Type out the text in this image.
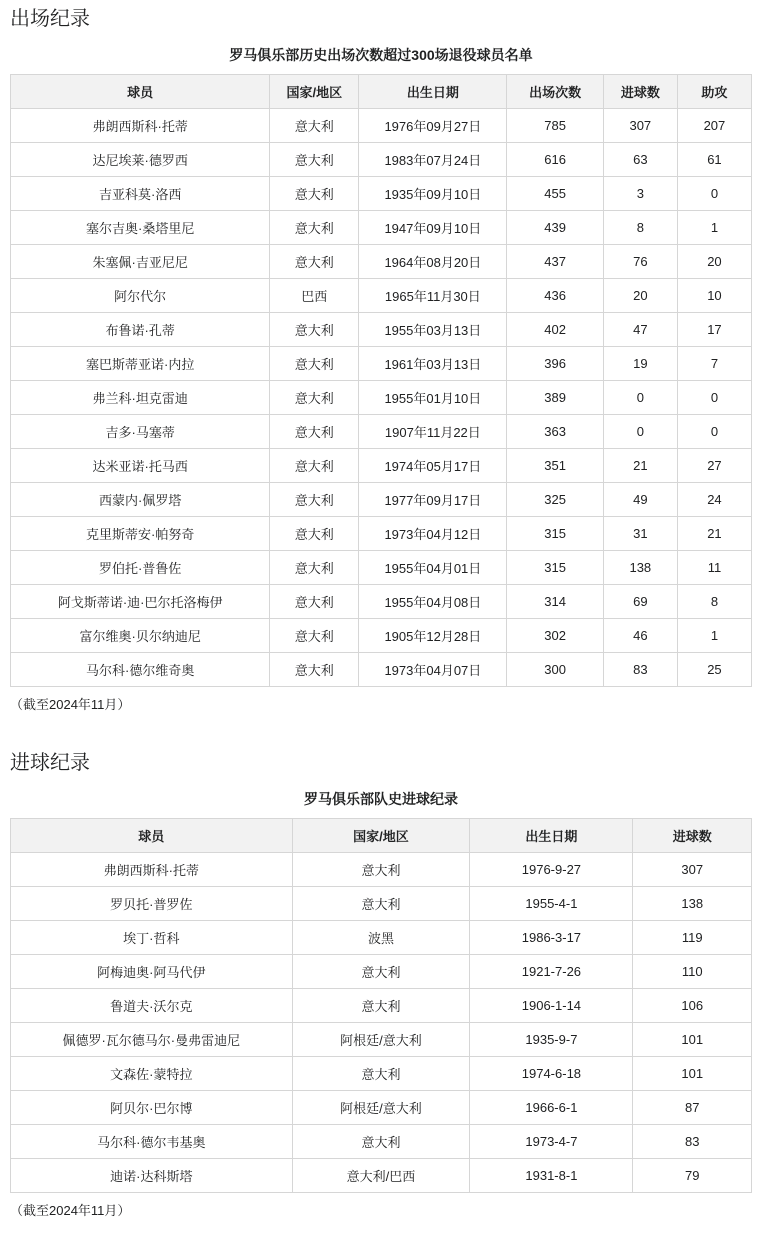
出场纪录
罗马俱乐部历史出场次数超过300场退役球员名单
球员	国家/地区	出生日期	出场次数	进球数	助攻
弗朗西斯科·托蒂	意大利	1976年09月27日	785	307	207
达尼埃莱·德罗西	意大利	1983年07月24日	616	63	61
吉亚科莫·洛西	意大利	1935年09月10日	455	3	0
塞尔吉奥·桑塔里尼	意大利	1947年09月10日	439	8	1
朱塞佩·吉亚尼尼	意大利	1964年08月20日	437	76	20
阿尔代尔	巴西	1965年11月30日	436	20	10
布鲁诺·孔蒂	意大利	1955年03月13日	402	47	17
塞巴斯蒂亚诺·内拉	意大利	1961年03月13日	396	19	7
弗兰科·坦克雷迪	意大利	1955年01月10日	389	0	0
吉多·马塞蒂	意大利	1907年11月22日	363	0	0
达米亚诺·托马西	意大利	1974年05月17日	351	21	27
西蒙内·佩罗塔	意大利	1977年09月17日	325	49	24
克里斯蒂安·帕努奇	意大利	1973年04月12日	315	31	21
罗伯托·普鲁佐	意大利	1955年04月01日	315	138	11
阿戈斯蒂诺·迪·巴尔托洛梅伊	意大利	1955年04月08日	314	69	8
富尔维奥·贝尔纳迪尼	意大利	1905年12月28日	302	46	1
马尔科·德尔维奇奥	意大利	1973年04月07日	300	83	25

（截至2024年11月）

进球纪录
罗马俱乐部队史进球纪录
球员	国家/地区	出生日期	进球数
弗朗西斯科·托蒂	意大利	1976-9-27	307
罗贝托·普罗佐	意大利	1955-4-1	138
埃丁·哲科	波黑	1986-3-17	119
阿梅迪奥·阿马代伊	意大利	1921-7-26	110
鲁道夫·沃尔克	意大利	1906-1-14	106
佩德罗·瓦尔德马尔·曼弗雷迪尼	阿根廷/意大利	1935-9-7	101
文森佐·蒙特拉	意大利	1974-6-18	101
阿贝尔·巴尔博	阿根廷/意大利	1966-6-1	87
马尔科·德尔韦基奥	意大利	1973-4-7	83
迪诺·达科斯塔	意大利/巴西	1931-8-1	79

（截至2024年11月）
